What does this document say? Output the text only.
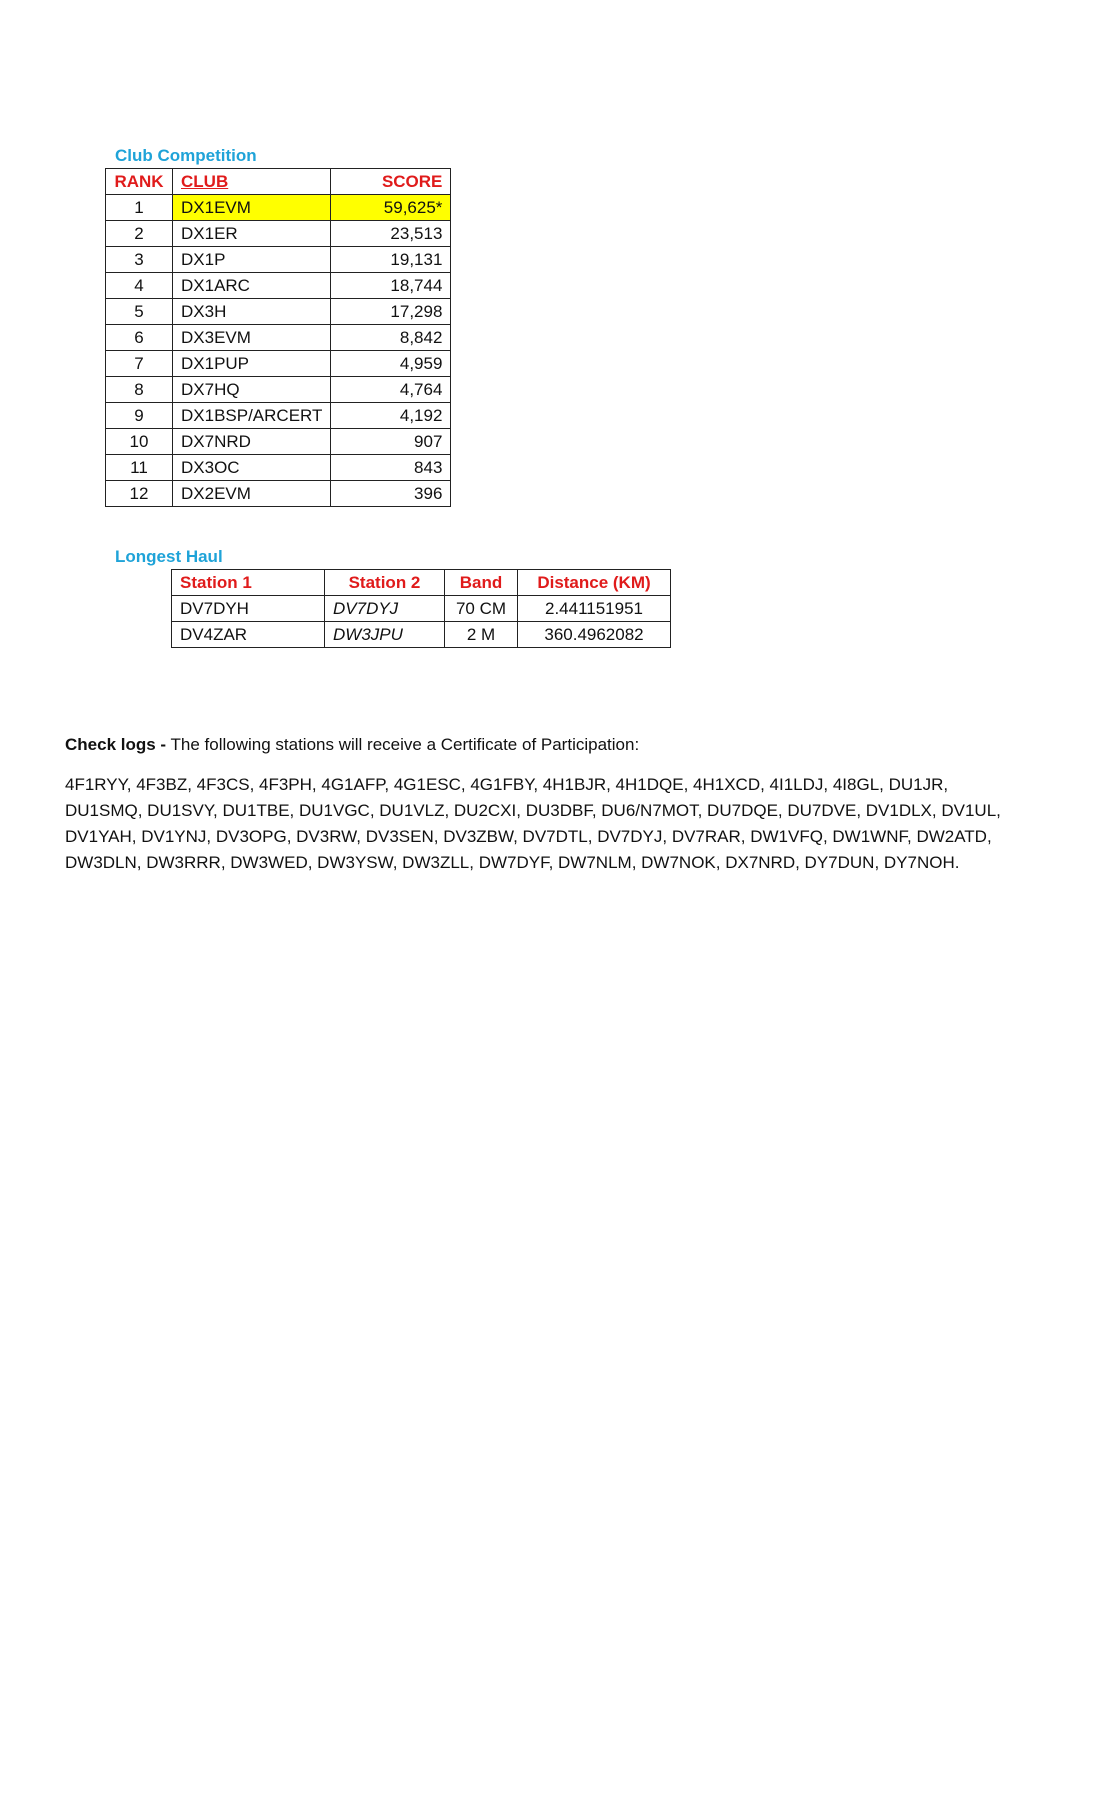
Club Competition
RANK	CLUB	SCORE
1	DX1EVM	59,625*
2	DX1ER	23,513
3	DX1P	19,131
4	DX1ARC	18,744
5	DX3H	17,298
6	DX3EVM	8,842
7	DX1PUP	4,959
8	DX7HQ	4,764
9	DX1BSP/ARCERT	4,192
10	DX7NRD	907
11	DX3OC	843
12	DX2EVM	396
Longest Haul
Station 1	Station 2	Band	Distance (KM)
DV7DYH	DV7DYJ	70 CM	2.441151951
DV4ZAR	DW3JPU	2 M	360.4962082
Check logs - The following stations will receive a Certificate of Participation:
4F1RYY, 4F3BZ, 4F3CS, 4F3PH, 4G1AFP, 4G1ESC, 4G1FBY, 4H1BJR, 4H1DQE, 4H1XCD, 4I1LDJ, 4I8GL, DU1JR, DU1SMQ, DU1SVY, DU1TBE, DU1VGC, DU1VLZ, DU2CXI, DU3DBF, DU6/N7MOT, DU7DQE, DU7DVE, DV1DLX, DV1UL, DV1YAH, DV1YNJ, DV3OPG, DV3RW, DV3SEN, DV3ZBW, DV7DTL, DV7DYJ, DV7RAR, DW1VFQ, DW1WNF, DW2ATD, DW3DLN, DW3RRR, DW3WED, DW3YSW, DW3ZLL, DW7DYF, DW7NLM, DW7NOK, DX7NRD, DY7DUN, DY7NOH.
